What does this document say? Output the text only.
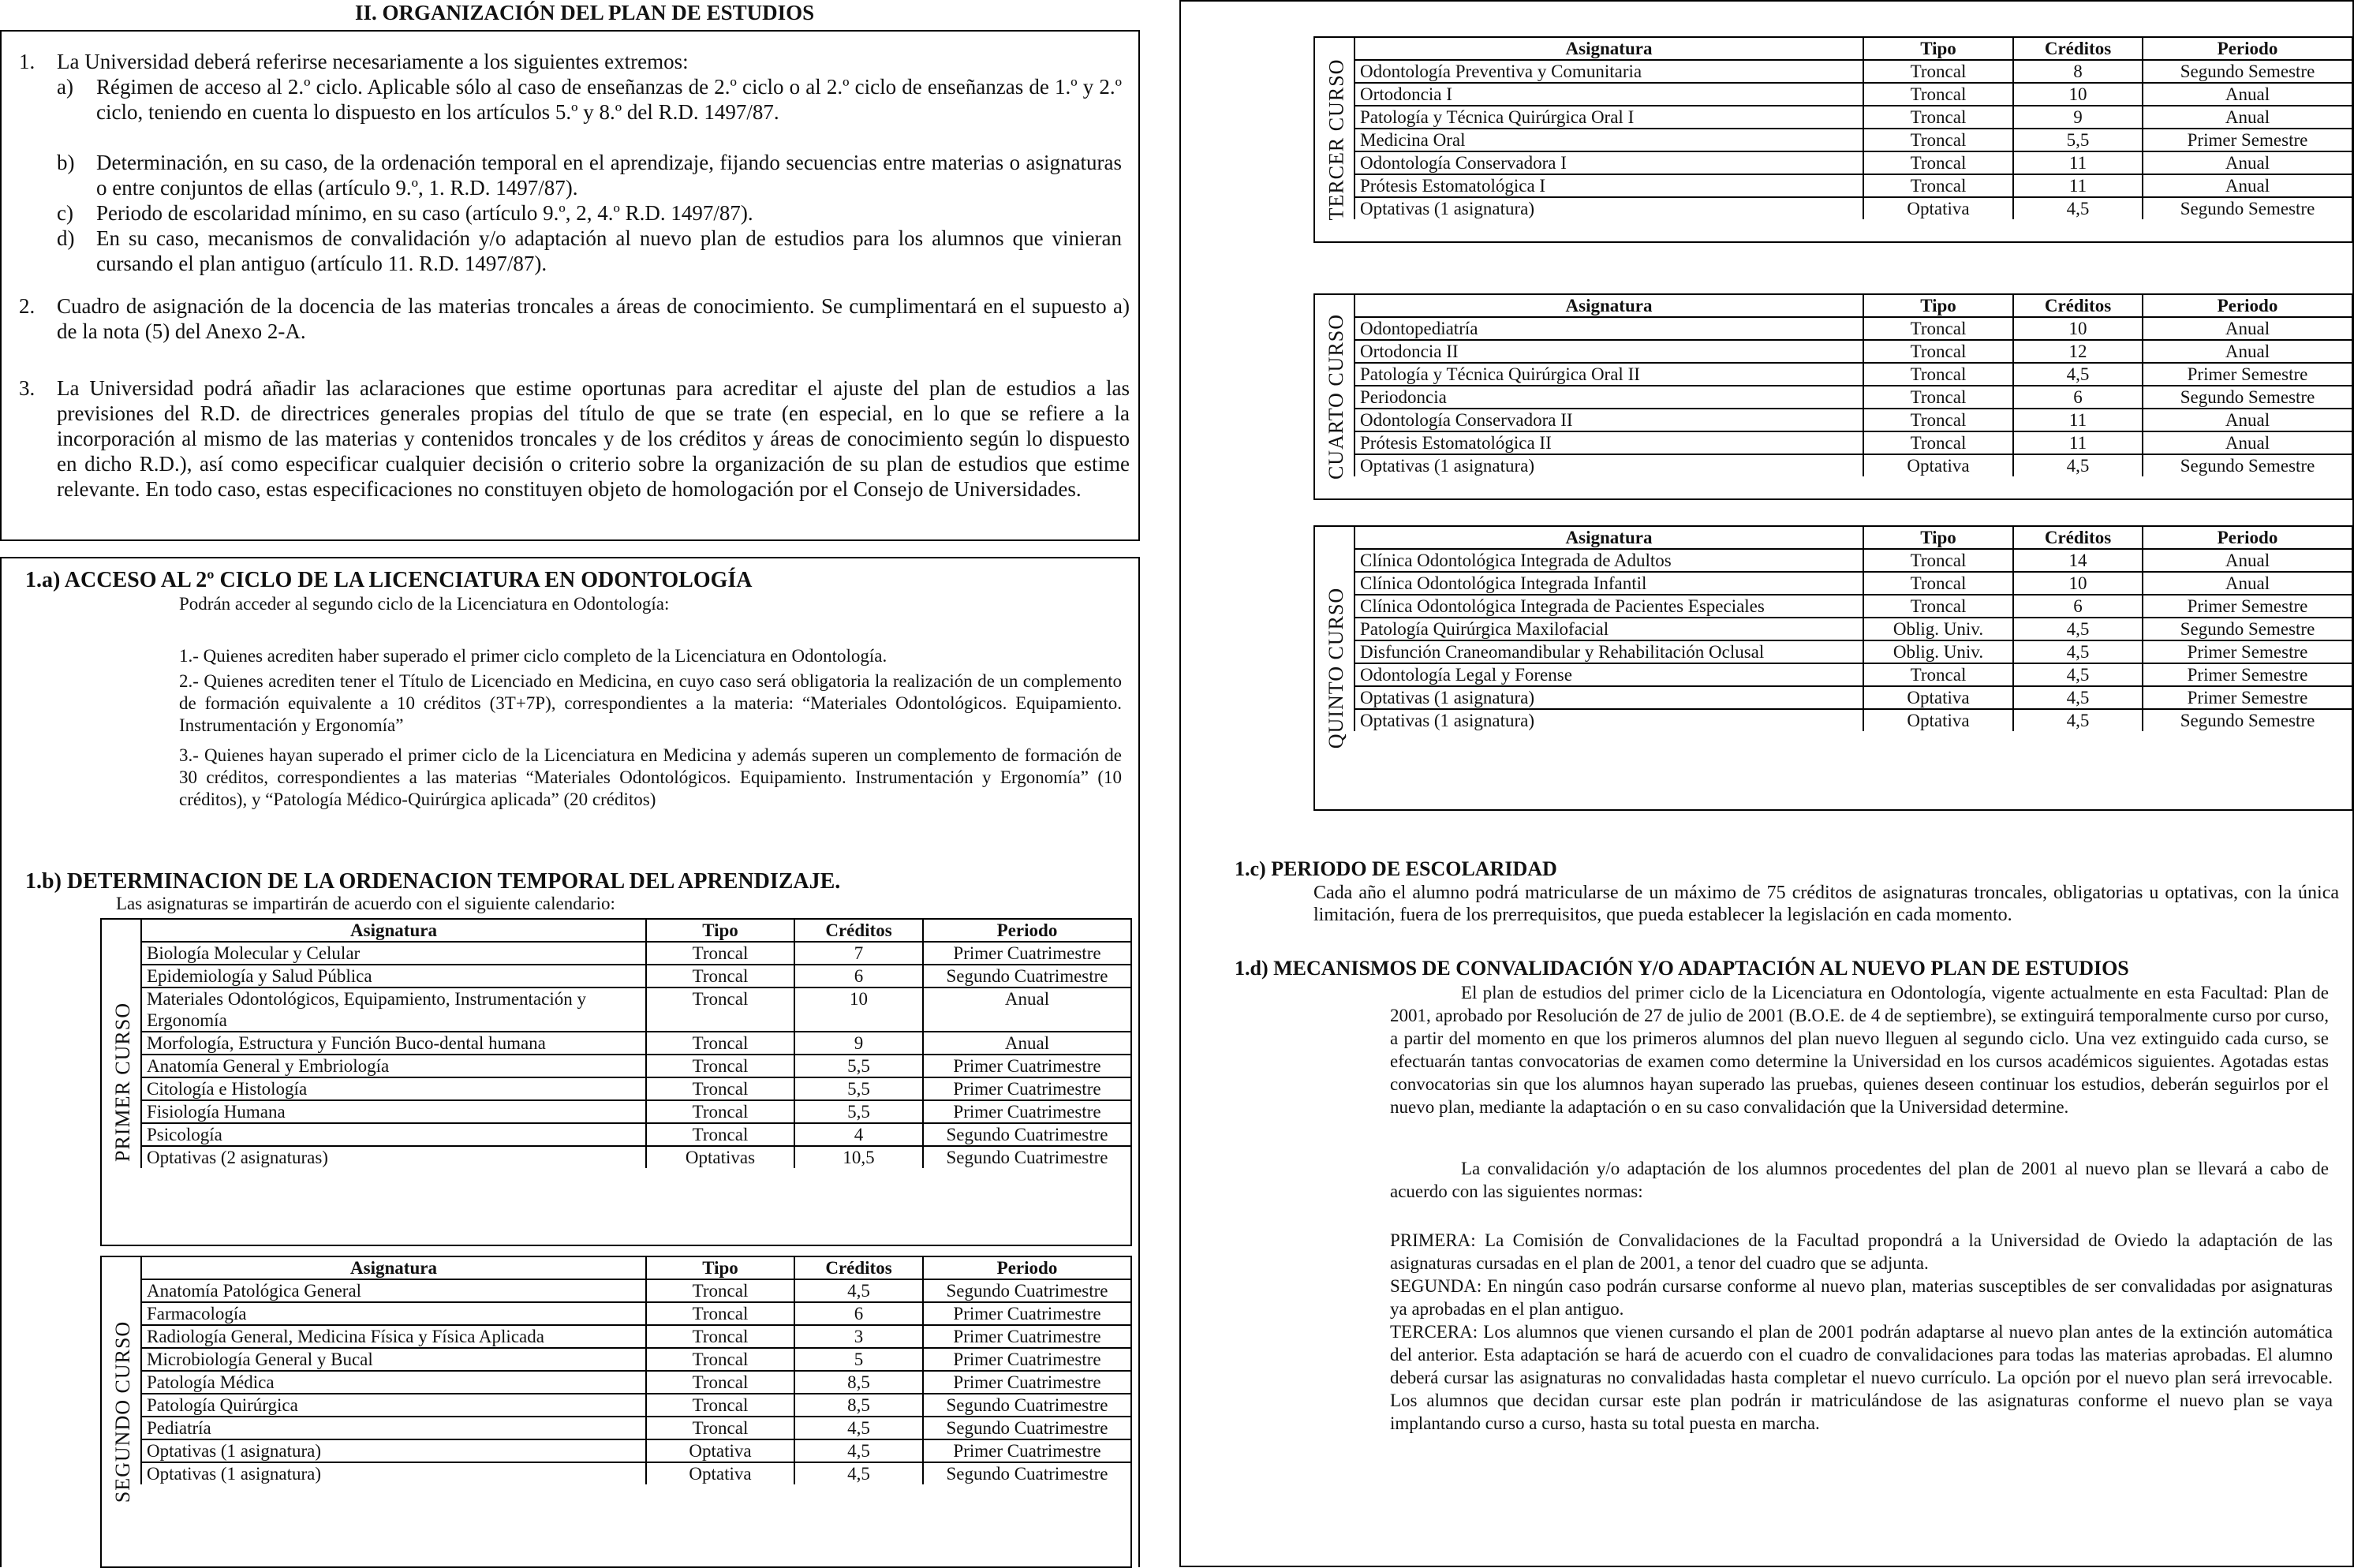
II. ORGANIZACIÓN DEL PLAN DE ESTUDIOS
1. La Universidad deberá referirse necesariamente a los siguientes extremos:
a) Régimen de acceso al 2.º ciclo. Aplicable sólo al caso de enseñanzas de 2.º ciclo o al 2.º ciclo de enseñanzas de 1.º y 2.º ciclo, teniendo en cuenta lo dispuesto en los artículos 5.º y 8.º del R.D. 1497/87.
b) Determinación, en su caso, de la ordenación temporal en el aprendizaje, fijando secuencias entre materias o asignaturas o entre conjuntos de ellas (artículo 9.º, 1. R.D. 1497/87).
c) Periodo de escolaridad mínimo, en su caso (artículo 9.º, 2, 4.º R.D. 1497/87).
d) En su caso, mecanismos de convalidación y/o adaptación al nuevo plan de estudios para los alumnos que vinieran cursando el plan antiguo (artículo 11. R.D. 1497/87).
2. Cuadro de asignación de la docencia de las materias troncales a áreas de conocimiento. Se cumplimentará en el supuesto a) de la nota (5) del Anexo 2-A.
3. La Universidad podrá añadir las aclaraciones que estime oportunas para acreditar el ajuste del plan de estudios a las previsiones del R.D. de directrices generales propias del título de que se trate (en especial, en lo que se refiere a la incorporación al mismo de las materias y contenidos troncales y de los créditos y áreas de conocimiento según lo dispuesto en dicho R.D.), así como especificar cualquier decisión o criterio sobre la organización de su plan de estudios que estime relevante. En todo caso, estas especificaciones no constituyen objeto de homologación por el Consejo de Universidades.
1.a) ACCESO AL 2º CICLO DE LA LICENCIATURA EN ODONTOLOGÍA
Podrán acceder al segundo ciclo de la Licenciatura en Odontología:
1.- Quienes acrediten haber superado el primer ciclo completo de la Licenciatura en Odontología.
2.- Quienes acrediten tener el Título de Licenciado en Medicina, en cuyo caso será obligatoria la realización de un complemento de formación equivalente a 10 créditos (3T+7P), correspondientes a la materia: “Materiales Odontológicos. Equipamiento. Instrumentación y Ergonomía”
3.- Quienes hayan superado el primer ciclo de la Licenciatura en Medicina y además superen un complemento de formación de 30 créditos, correspondientes a las materias “Materiales Odontológicos. Equipamiento. Instrumentación y Ergonomía” (10 créditos), y “Patología Médico-Quirúrgica aplicada” (20 créditos)
1.b) DETERMINACION DE LA ORDENACION TEMPORAL DEL APRENDIZAJE.
Las asignaturas se impartirán de acuerdo con el siguiente calendario:
PRIMER CURSO
Asignatura	Tipo	Créditos	Periodo
Biología Molecular y Celular	Troncal	7	Primer Cuatrimestre
Epidemiología y Salud Pública	Troncal	6	Segundo Cuatrimestre
Materiales Odontológicos, Equipamiento, Instrumentación y Ergonomía	Troncal	10	Anual
Morfología, Estructura y Función Buco-dental humana	Troncal	9	Anual
Anatomía General y Embriología	Troncal	5,5	Primer Cuatrimestre
Citología e Histología	Troncal	5,5	Primer Cuatrimestre
Fisiología Humana	Troncal	5,5	Primer Cuatrimestre
Psicología	Troncal	4	Segundo Cuatrimestre
Optativas (2 asignaturas)	Optativas	10,5	Segundo Cuatrimestre
SEGUNDO CURSO
Asignatura	Tipo	Créditos	Periodo
Anatomía Patológica General	Troncal	4,5	Segundo Cuatrimestre
Farmacología	Troncal	6	Primer Cuatrimestre
Radiología General, Medicina Física y Física Aplicada	Troncal	3	Primer Cuatrimestre
Microbiología General y Bucal	Troncal	5	Primer Cuatrimestre
Patología Médica	Troncal	8,5	Primer Cuatrimestre
Patología Quirúrgica	Troncal	8,5	Segundo Cuatrimestre
Pediatría	Troncal	4,5	Segundo Cuatrimestre
Optativas (1 asignatura)	Optativa	4,5	Primer Cuatrimestre
Optativas (1 asignatura)	Optativa	4,5	Segundo Cuatrimestre
TERCER CURSO
Asignatura	Tipo	Créditos	Periodo
Odontología Preventiva y Comunitaria	Troncal	8	Segundo Semestre
Ortodoncia I	Troncal	10	Anual
Patología y Técnica Quirúrgica Oral I	Troncal	9	Anual
Medicina Oral	Troncal	5,5	Primer Semestre
Odontología Conservadora I	Troncal	11	Anual
Prótesis Estomatológica I	Troncal	11	Anual
Optativas (1 asignatura)	Optativa	4,5	Segundo Semestre
CUARTO CURSO
Asignatura	Tipo	Créditos	Periodo
Odontopediatría	Troncal	10	Anual
Ortodoncia II	Troncal	12	Anual
Patología y Técnica Quirúrgica Oral II	Troncal	4,5	Primer Semestre
Periodoncia	Troncal	6	Segundo Semestre
Odontología Conservadora II	Troncal	11	Anual
Prótesis Estomatológica II	Troncal	11	Anual
Optativas (1 asignatura)	Optativa	4,5	Segundo Semestre
QUINTO CURSO
Asignatura	Tipo	Créditos	Periodo
Clínica Odontológica Integrada de Adultos	Troncal	14	Anual
Clínica Odontológica Integrada Infantil	Troncal	10	Anual
Clínica Odontológica Integrada de Pacientes Especiales	Troncal	6	Primer Semestre
Patología Quirúrgica Maxilofacial	Oblig. Univ.	4,5	Segundo Semestre
Disfunción Craneomandibular y Rehabilitación Oclusal	Oblig. Univ.	4,5	Primer Semestre
Odontología Legal y Forense	Troncal	4,5	Primer Semestre
Optativas (1 asignatura)	Optativa	4,5	Primer Semestre
Optativas (1 asignatura)	Optativa	4,5	Segundo Semestre
1.c) PERIODO DE ESCOLARIDAD
Cada año el alumno podrá matricularse de un máximo de 75 créditos de asignaturas troncales, obligatorias u optativas, con la única limitación, fuera de los prerrequisitos, que pueda establecer la legislación en cada momento.
1.d) MECANISMOS DE CONVALIDACIÓN Y/O ADAPTACIÓN AL NUEVO PLAN DE ESTUDIOS
El plan de estudios del primer ciclo de la Licenciatura en Odontología, vigente actualmente en esta Facultad: Plan de 2001, aprobado por Resolución de 27 de julio de 2001 (B.O.E. de 4 de septiembre), se extinguirá temporalmente curso por curso, a partir del momento en que los primeros alumnos del plan nuevo lleguen al segundo ciclo. Una vez extinguido cada curso, se efectuarán tantas convocatorias de examen como determine la Universidad en los cursos académicos siguientes. Agotadas estas convocatorias sin que los alumnos hayan superado las pruebas, quienes deseen continuar los estudios, deberán seguirlos por el nuevo plan, mediante la adaptación o en su caso convalidación que la Universidad determine.
La convalidación y/o adaptación de los alumnos procedentes del plan de 2001 al nuevo plan se llevará a cabo de acuerdo con las siguientes normas:
PRIMERA: La Comisión de Convalidaciones de la Facultad propondrá a la Universidad de Oviedo la adaptación de las asignaturas cursadas en el plan de 2001, a tenor del cuadro que se adjunta.
SEGUNDA: En ningún caso podrán cursarse conforme al nuevo plan, materias susceptibles de ser convalidadas por asignaturas ya aprobadas en el plan antiguo.
TERCERA: Los alumnos que vienen cursando el plan de 2001 podrán adaptarse al nuevo plan antes de la extinción automática del anterior. Esta adaptación se hará de acuerdo con el cuadro de convalidaciones para todas las materias aprobadas. El alumno deberá cursar las asignaturas no convalidadas hasta completar el nuevo currículo. La opción por el nuevo plan será irrevocable. Los alumnos que decidan cursar este plan podrán ir matriculándose de las asignaturas conforme el nuevo plan se vaya implantando curso a curso, hasta su total puesta en marcha.
